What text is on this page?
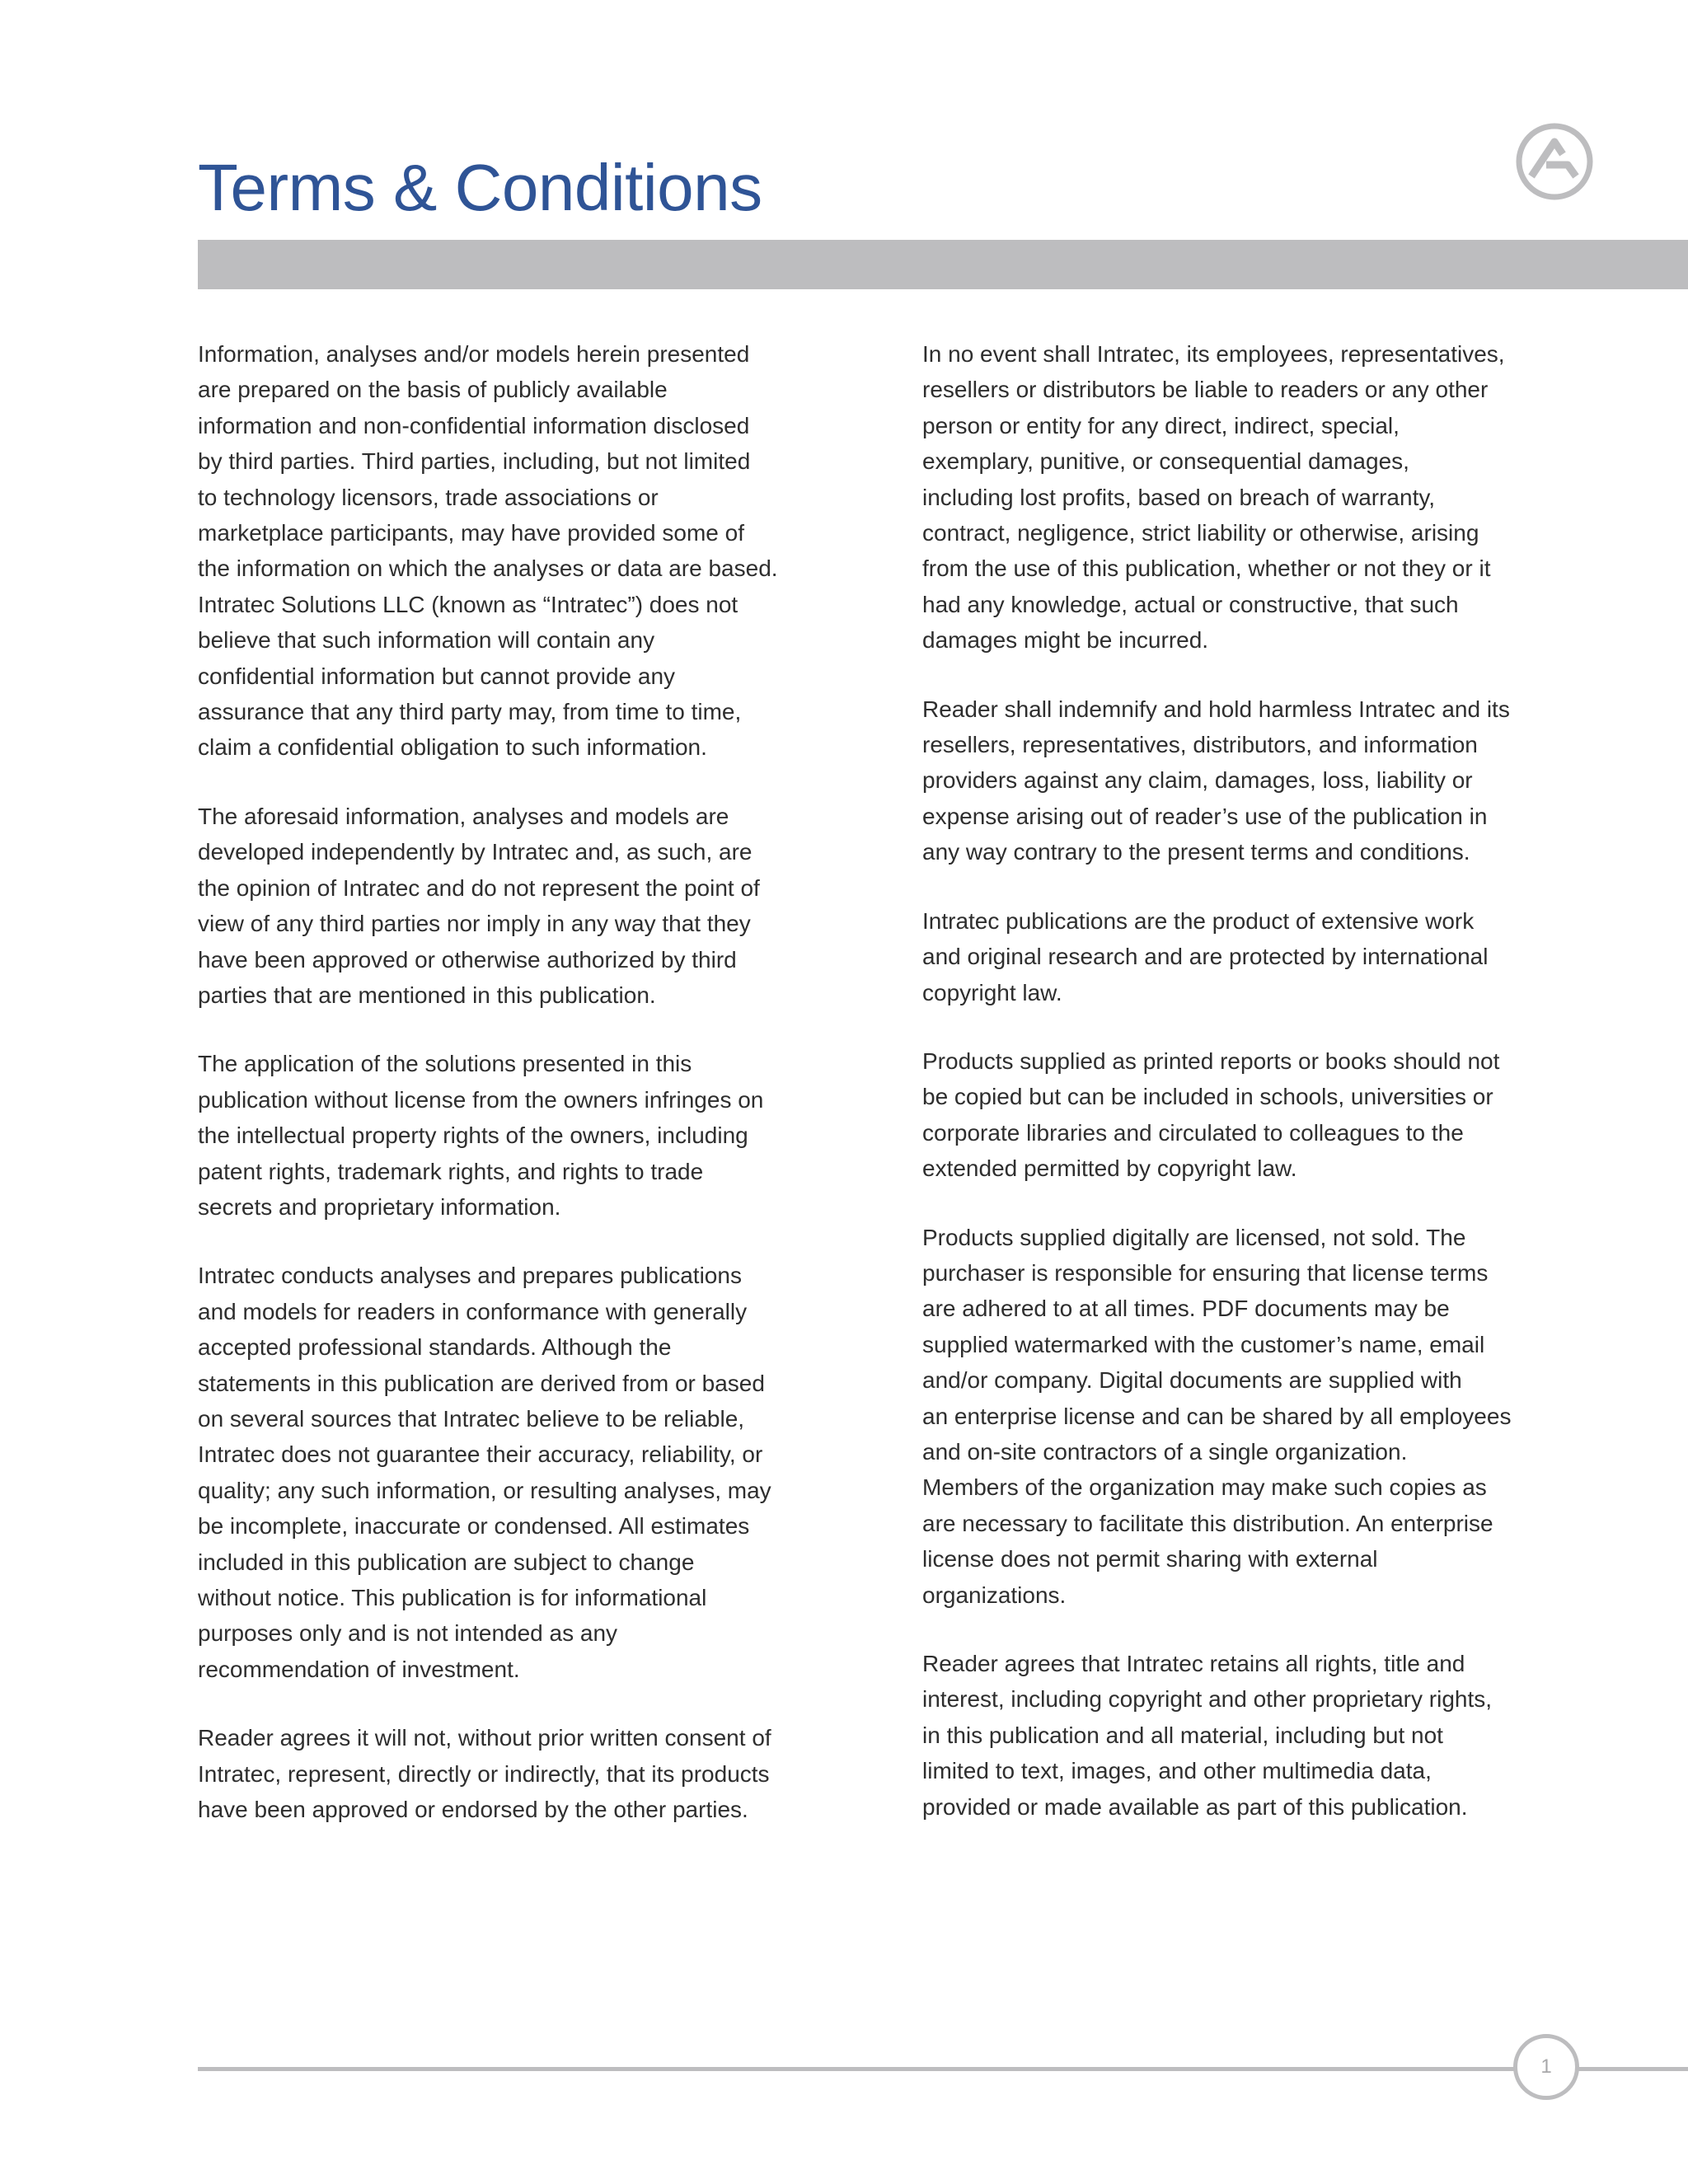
Terms & Conditions

Information, analyses and/or models herein presented
are prepared on the basis of publicly available
information and non-confidential information disclosed
by third parties. Third parties, including, but not limited
to technology licensors, trade associations or
marketplace participants, may have provided some of
the information on which the analyses or data are based.
Intratec Solutions LLC (known as “Intratec”) does not
believe that such information will contain any
confidential information but cannot provide any
assurance that any third party may, from time to time,
claim a confidential obligation to such information.

The aforesaid information, analyses and models are
developed independently by Intratec and, as such, are
the opinion of Intratec and do not represent the point of
view of any third parties nor imply in any way that they
have been approved or otherwise authorized by third
parties that are mentioned in this publication.

The application of the solutions presented in this
publication without license from the owners infringes on
the intellectual property rights of the owners, including
patent rights, trademark rights, and rights to trade
secrets and proprietary information.

Intratec conducts analyses and prepares publications
and models for readers in conformance with generally
accepted professional standards. Although the
statements in this publication are derived from or based
on several sources that Intratec believe to be reliable,
Intratec does not guarantee their accuracy, reliability, or
quality; any such information, or resulting analyses, may
be incomplete, inaccurate or condensed. All estimates
included in this publication are subject to change
without notice. This publication is for informational
purposes only and is not intended as any
recommendation of investment.

Reader agrees it will not, without prior written consent of
Intratec, represent, directly or indirectly, that its products
have been approved or endorsed by the other parties.

In no event shall Intratec, its employees, representatives,
resellers or distributors be liable to readers or any other
person or entity for any direct, indirect, special,
exemplary, punitive, or consequential damages,
including lost profits, based on breach of warranty,
contract, negligence, strict liability or otherwise, arising
from the use of this publication, whether or not they or it
had any knowledge, actual or constructive, that such
damages might be incurred.

Reader shall indemnify and hold harmless Intratec and its
resellers, representatives, distributors, and information
providers against any claim, damages, loss, liability or
expense arising out of reader’s use of the publication in
any way contrary to the present terms and conditions.

Intratec publications are the product of extensive work
and original research and are protected by international
copyright law.

Products supplied as printed reports or books should not
be copied but can be included in schools, universities or
corporate libraries and circulated to colleagues to the
extended permitted by copyright law.

Products supplied digitally are licensed, not sold. The
purchaser is responsible for ensuring that license terms
are adhered to at all times. PDF documents may be
supplied watermarked with the customer’s name, email
and/or company. Digital documents are supplied with
an enterprise license and can be shared by all employees
and on-site contractors of a single organization.
Members of the organization may make such copies as
are necessary to facilitate this distribution. An enterprise
license does not permit sharing with external
organizations.

Reader agrees that Intratec retains all rights, title and
interest, including copyright and other proprietary rights,
in this publication and all material, including but not
limited to text, images, and other multimedia data,
provided or made available as part of this publication.

1
